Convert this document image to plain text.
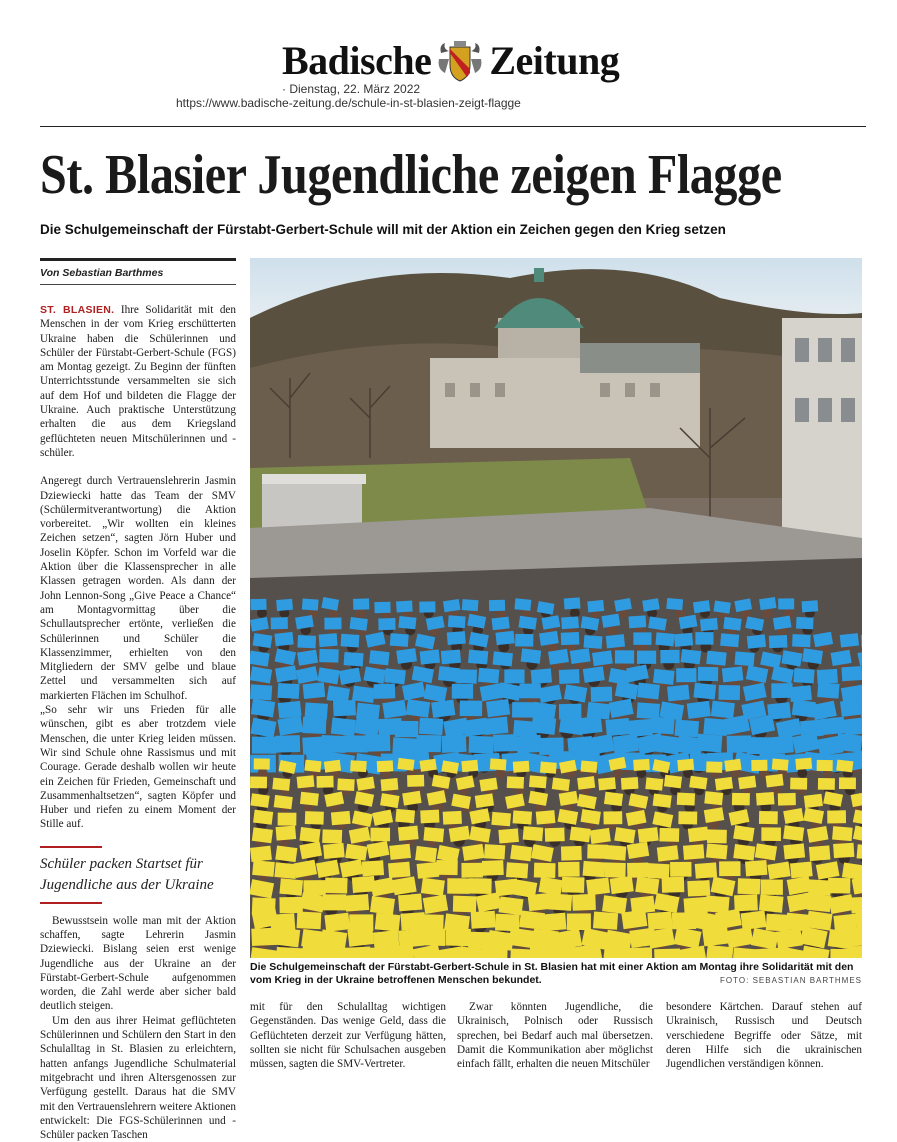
Badische Zeitung
· Dienstag, 22. März 2022
https://www.badische-zeitung.de/schule-in-st-blasien-zeigt-flagge
St. Blasier Jugendliche zeigen Flagge
Die Schulgemeinschaft der Fürstabt-Gerbert-Schule will mit der Aktion ein Zeichen gegen den Krieg setzen
Von Sebastian Barthmes

ST. BLASIEN. Ihre Solidarität mit den Menschen in der vom Krieg erschütterten Ukraine haben die Schülerinnen und Schüler der Fürstabt-Gerbert-Schule (FGS) am Montag gezeigt. Zu Beginn der fünften Unterrichtsstunde versammelten sie sich auf dem Hof und bildeten die Flagge der Ukraine. Auch praktische Unterstützung erhalten die aus dem Kriegsland geflüchteten neuen Mitschülerinnen und -schüler.

Angeregt durch Vertrauenslehrerin Jasmin Dziewiecki hatte das Team der SMV (Schülermitverantwortung) die Aktion vorbereitet. „Wir wollten ein kleines Zeichen setzen“, sagten Jörn Huber und Joselin Köpfer. Schon im Vorfeld war die Aktion über die Klassensprecher in alle Klassen getragen worden. Als dann der John Lennon-Song „Give Peace a Chance“ am Montagvormittag über die Schullautsprecher ertönte, verließen die Schülerinnen und Schüler die Klassenzimmer, erhielten von den Mitgliedern der SMV gelbe und blaue Zettel und versammelten sich auf markierten Flächen im Schulhof.

„So sehr wir uns Frieden für alle wünschen, gibt es aber trotzdem viele Menschen, die unter Krieg leiden müssen. Wir sind Schule ohne Rassismus und mit Courage. Gerade deshalb wollen wir heute ein Zeichen für Frieden, Gemeinschaft und Zusammenhaltsetzen“, sagten Köpfer und Huber und riefen zu einem Moment der Stille auf.

Schüler packen Startset für Jugendliche aus der Ukraine

Bewusstsein wolle man mit der Aktion schaffen, sagte Lehrerin Jasmin Dziewiecki. Bislang seien erst wenige Jugendliche aus der Ukraine an der Fürstabt-Gerbert-Schule aufgenommen worden, die Zahl werde aber sicher bald deutlich steigen.

Um den aus ihrer Heimat geflüchteten Schülerinnen und Schülern den Start in den Schulalltag in St. Blasien zu erleichtern, hatten anfangs Jugendliche Schulmaterial mitgebracht und ihren Altersgenossen zur Verfügung gestellt. Daraus hat die SMV mit den Vertrauenslehrern weitere Aktionen entwickelt: Die FGS-Schülerinnen und -Schüler packen Taschen

Die Schulgemeinschaft der Fürstabt-Gerbert-Schule in St. Blasien hat mit einer Aktion am Montag ihre Solidarität mit den vom Krieg in der Ukraine betroffenen Menschen bekundet.	FOTO: SEBASTIAN BARTHMES
mit für den Schulalltag wichtigen Gegenständen. Das wenige Geld, dass die Geflüchteten derzeit zur Verfügung hätten, sollten sie nicht für Schulsachen ausgeben müssen, sagten die SMV-Vertreter.
Zwar könnten Jugendliche, die Ukrainisch, Polnisch oder Russisch sprechen, bei Bedarf auch mal übersetzen. Damit die Kommunikation aber möglichst einfach fällt, erhalten die neuen Mitschüler
besondere Kärtchen. Darauf stehen auf Ukrainisch, Russisch und Deutsch verschiedene Begriffe oder Sätze, mit deren Hilfe sich die ukrainischen Jugendlichen verständigen können.
